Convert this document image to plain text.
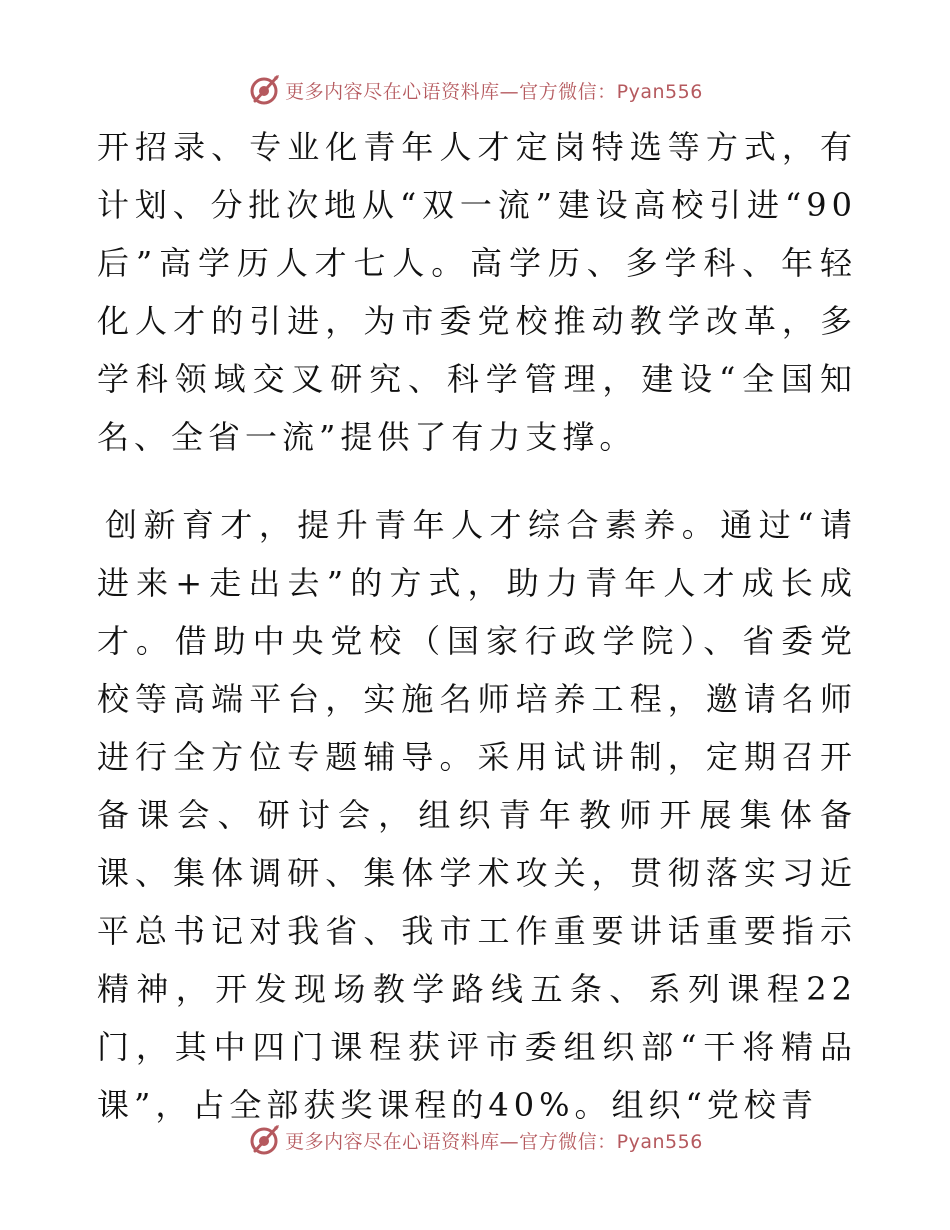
更多内容尽在心语资料库—官方微信：Pyan556

开招录、专业化青年人才定岗特选等方式，有计划、分批次地从“双一流”建设高校引进“90后”高学历人才七人。高学历、多学科、年轻化人才的引进，为市委党校推动教学改革，多学科领域交叉研究、科学管理，建设“全国知名、全省一流”提供了有力支撑。

创新育才，提升青年人才综合素养。通过“请进来+走出去”的方式，助力青年人才成长成才。借助中央党校（国家行政学院）、省委党校等高端平台，实施名师培养工程，邀请名师进行全方位专题辅导。采用试讲制，定期召开备课会、研讨会，组织青年教师开展集体备课、集体调研、集体学术攻关，贯彻落实习近平总书记对我省、我市工作重要讲话重要指示精神，开发现场教学路线五条、系列课程22门，其中四门课程获评市委组织部“干将精品课”，占全部获奖课程的40%。组织“党校青

更多内容尽在心语资料库—官方微信：Pyan556
